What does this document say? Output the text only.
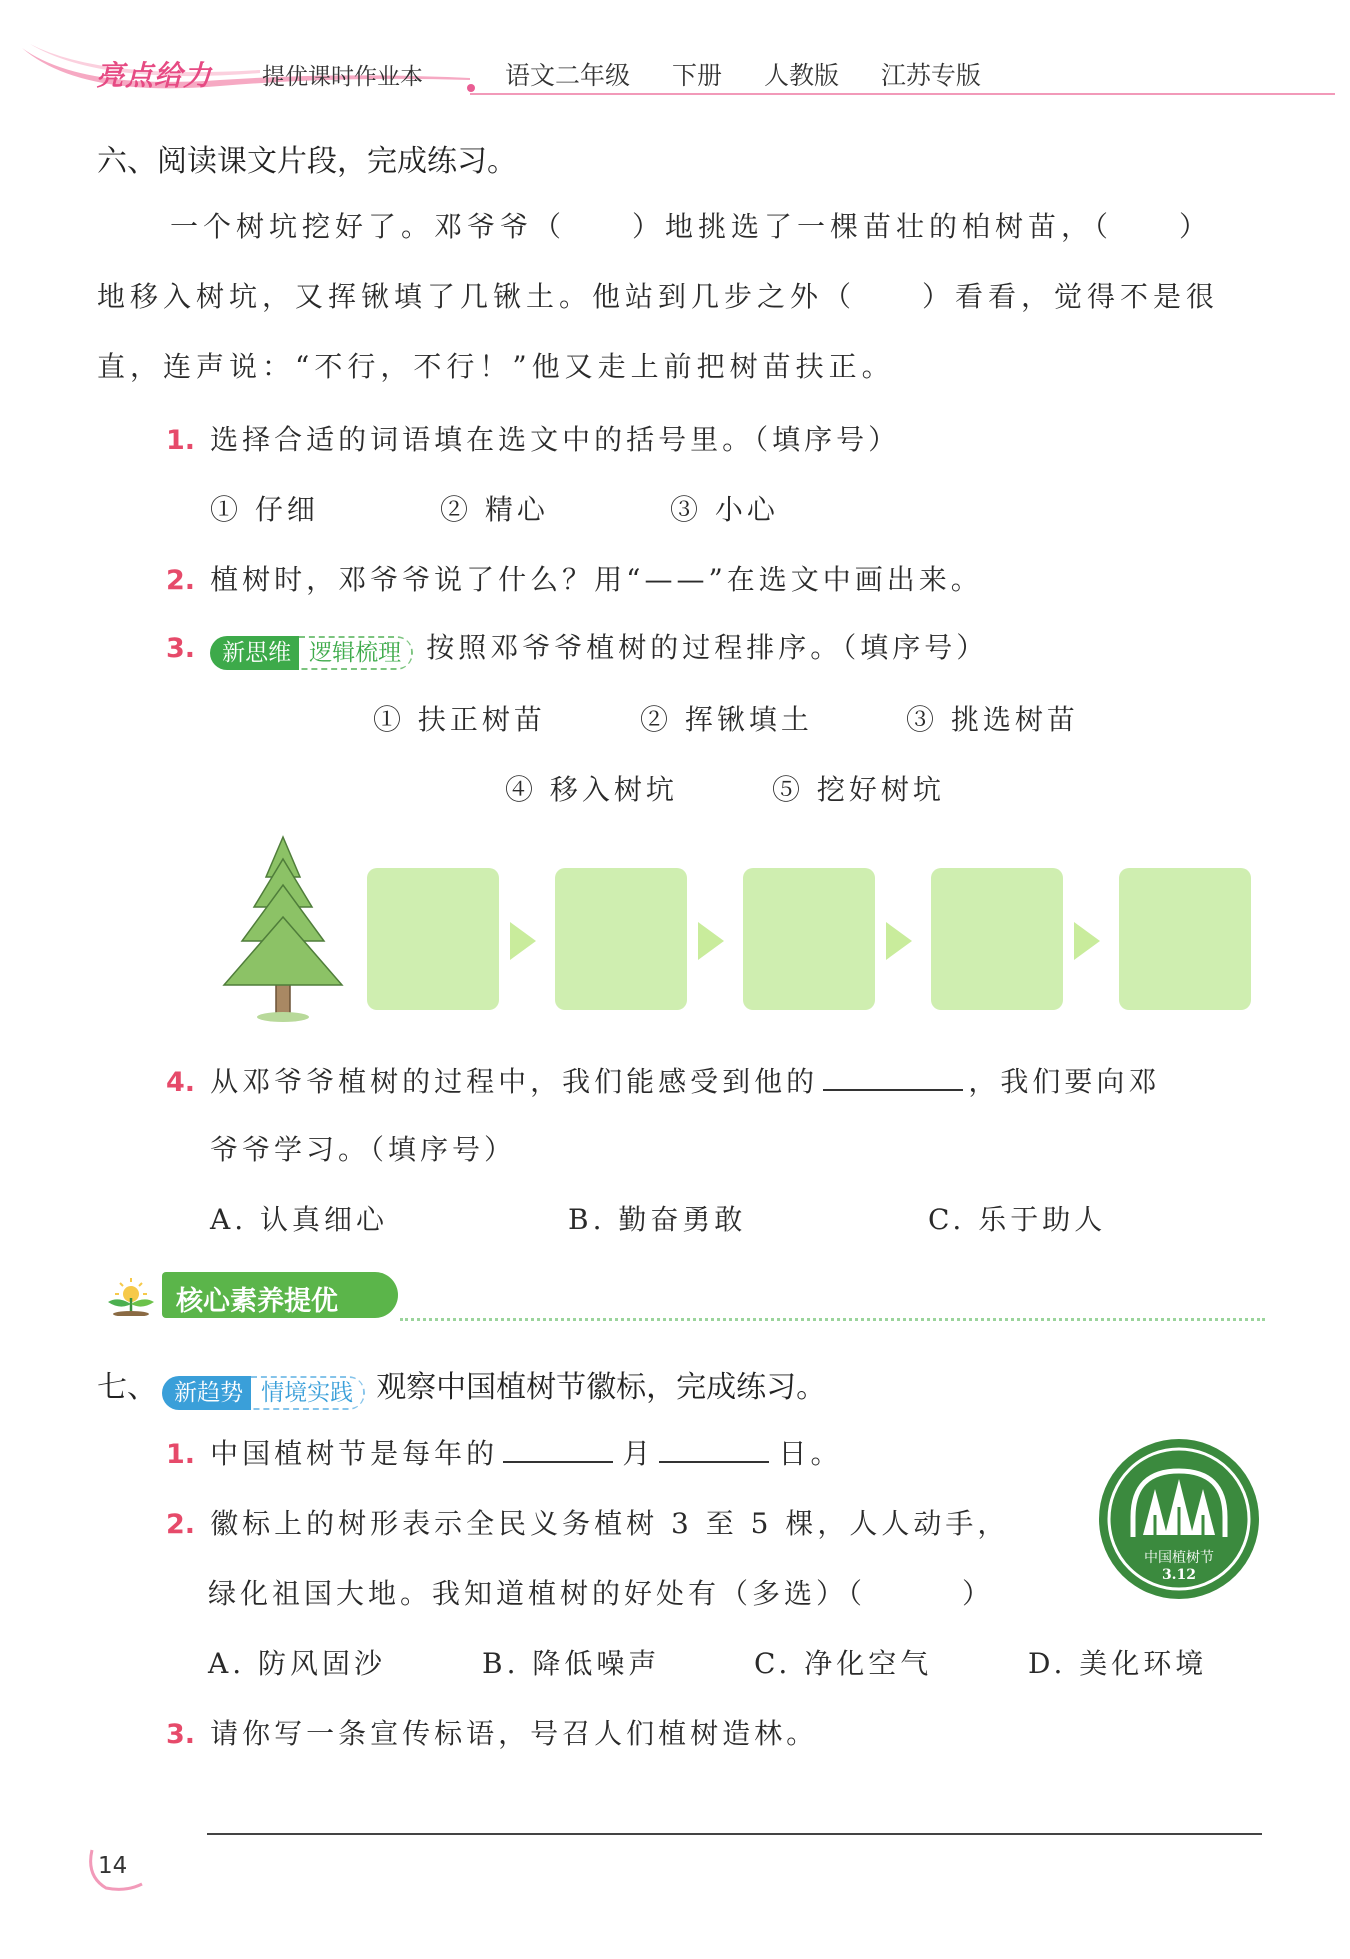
亮点给力 提优课时作业本	语文二年级 下册 人教版 江苏专版
六、阅读课文片段，完成练习。
一个树坑挖好了。邓爷爷（　　）地挑选了一棵苗壮的柏树苗，（　　）
地移入树坑，又挥锹填了几锹土。他站到几步之外（　　）看看，觉得不是很
直，连声说：“不行，不行！”他又走上前把树苗扶正。
1. 选择合适的词语填在选文中的括号里。（填序号）
① 仔细	② 精心	③ 小心
2. 植树时，邓爷爷说了什么？用“——”在选文中画出来。
3.	新思维 逻辑梳理 按照邓爷爷植树的过程排序。（填序号）
① 扶正树苗	② 挥锹填土	③ 挑选树苗
④ 移入树坑	⑤ 挖好树坑
4. 从邓爷爷植树的过程中，我们能感受到他的	，我们要向邓
爷爷学习。（填序号）
A. 认真细心	B. 勤奋勇敢	C. 乐于助人
核心素养提优
七、 新趋势 情境实践 观察中国植树节徽标，完成练习。
1. 中国植树节是每年的	月	日。
2. 徽标上的树形表示全民义务植树 3 至 5 棵，人人动手，
绿化祖国大地。我知道植树的好处有（多选）（　　　）
A. 防风固沙	B. 降低噪声	C. 净化空气	D. 美化环境
中国植树节
3.12
3. 请你写一条宣传标语，号召人们植树造林。
14
